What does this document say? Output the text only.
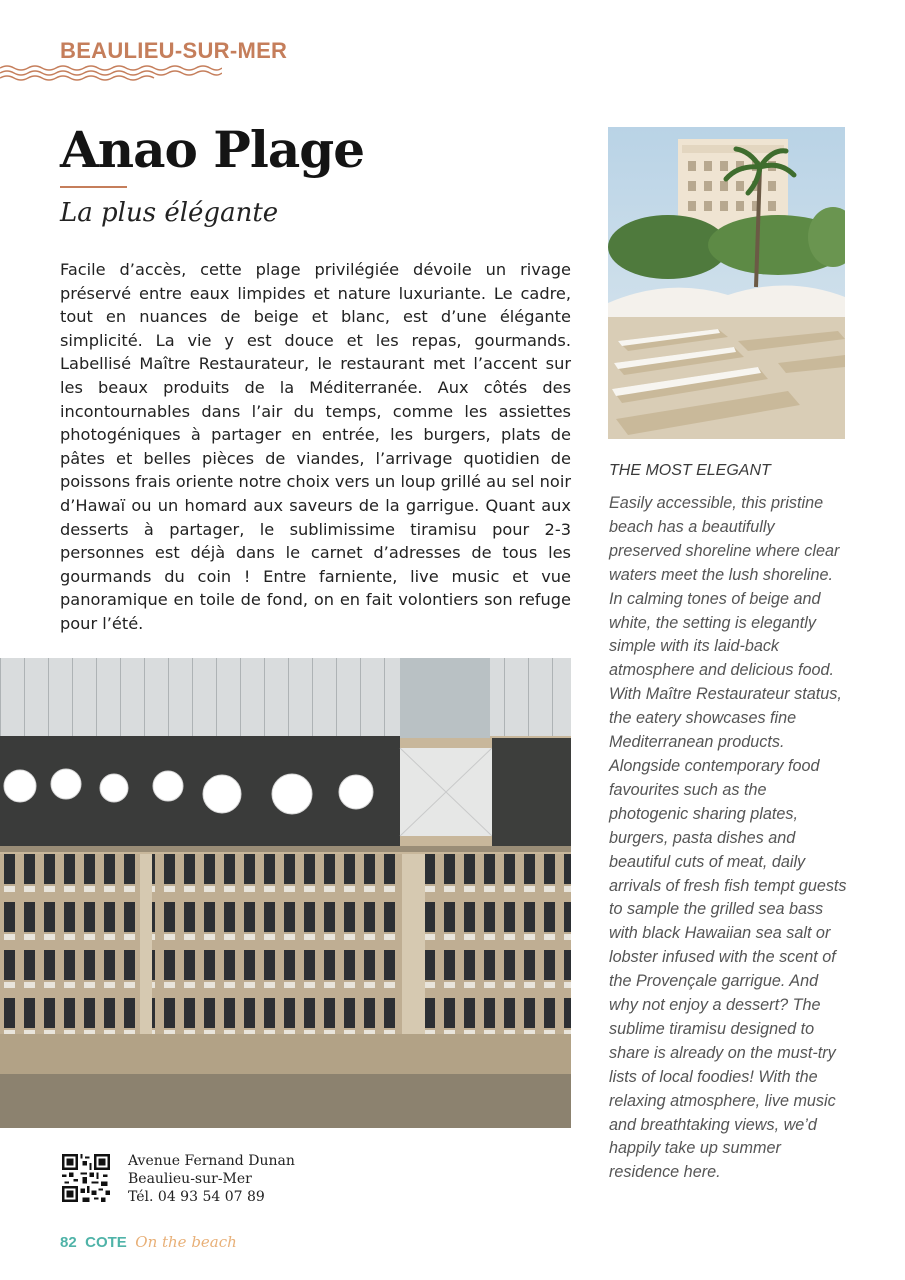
BEAULIEU-SUR-MER
Anao Plage
La plus élégante

Facile d’accès, cette plage privilégiée dévoile un rivage préservé entre eaux limpides et nature luxuriante. Le cadre, tout en nuances de beige et blanc, est d’une élégante simplicité. La vie y est douce et les repas, gourmands. Labellisé Maître Restaurateur, le restaurant met l’accent sur les beaux produits de la Méditerranée. Aux côtés des incontournables dans l’air du temps, comme les assiettes photogéniques à partager en entrée, les burgers, plats de pâtes et belles pièces de viandes, l’arrivage quotidien de poissons frais oriente notre choix vers un loup grillé au sel noir d’Hawaï ou un homard aux saveurs de la garrigue. Quant aux desserts à partager, le sublimissime tiramisu pour 2-3 personnes est déjà dans le carnet d’adresses de tous les gourmands du coin ! Entre farniente, live music et vue panoramique en toile de fond, on en fait volontiers son refuge pour l’été.

THE MOST ELEGANT

Easily accessible, this pristine beach has a beautifully preserved shoreline where clear waters meet the lush shoreline. In calming tones of beige and white, the setting is elegantly simple with its laid-back atmosphere and delicious food. With Maître Restaurateur status, the eatery showcases fine Mediterranean products. Alongside contemporary food favourites such as the photogenic sharing plates, burgers, pasta dishes and beautiful cuts of meat, daily arrivals of fresh fish tempt guests to sample the grilled sea bass with black Hawaiian sea salt or lobster infused with the scent of the Provençale garrigue. And why not enjoy a dessert? The sublime tiramisu designed to share is already on the must-try lists of local foodies! With the relaxing atmosphere, live music and breathtaking views, we’d happily take up summer residence here.

Avenue Fernand Dunan
Beaulieu-sur-Mer
Tél. 04 93 54 07 89
82 COTE On the beach
